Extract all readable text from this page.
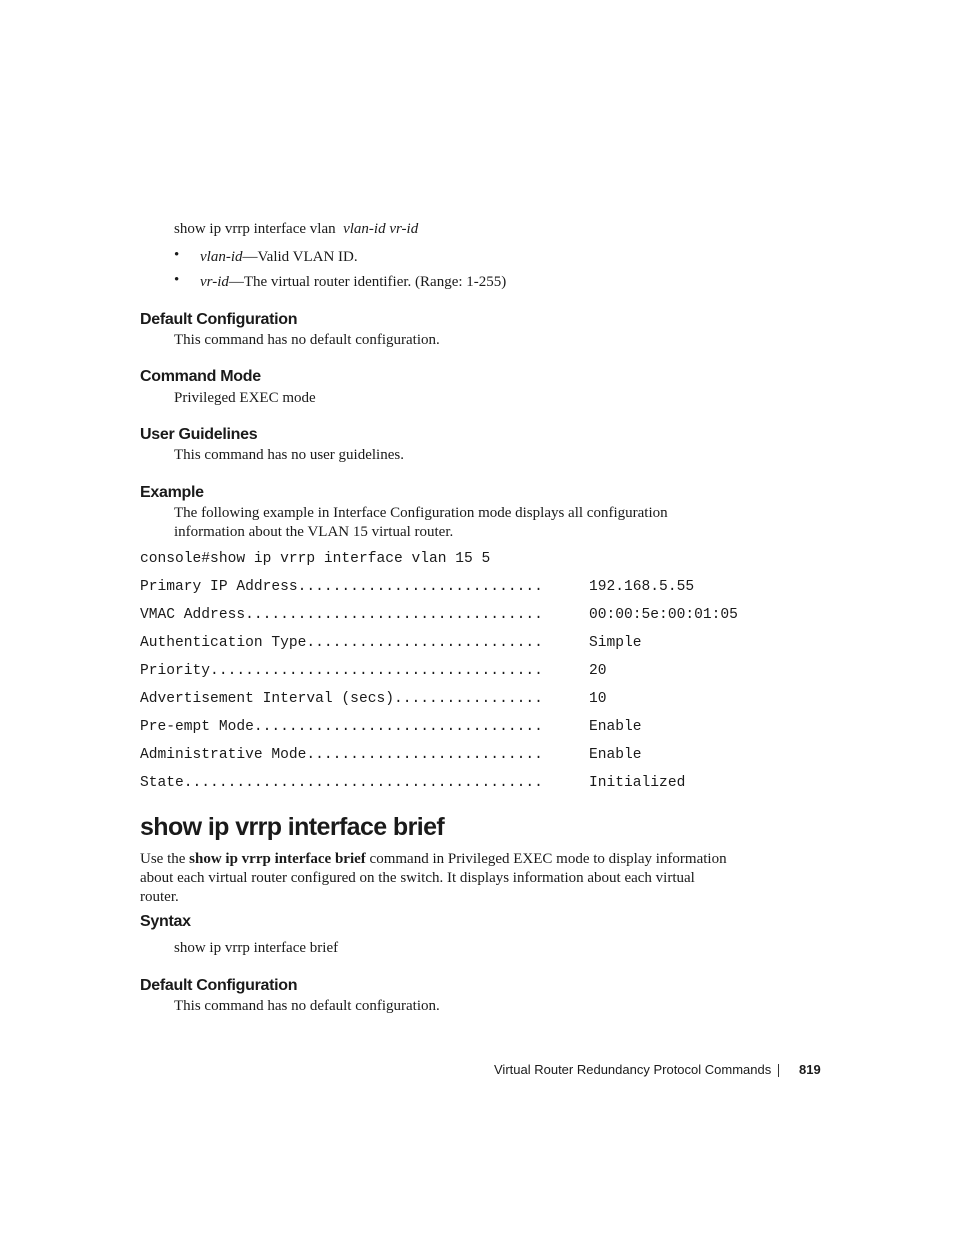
show ip vrrp interface vlan vlan-id vr-id
• vlan-id—Valid VLAN ID.
• vr-id—The virtual router identifier. (Range: 1-255)
Default Configuration
This command has no default configuration.
Command Mode
Privileged EXEC mode
User Guidelines
This command has no user guidelines.
Example
The following example in Interface Configuration mode displays all configuration
information about the VLAN 15 virtual router.
console#show ip vrrp interface vlan 15 5
Primary IP Address............................	192.168.5.55
VMAC Address..................................	00:00:5e:00:01:05
Authentication Type...........................	Simple
Priority......................................	20
Advertisement Interval (secs).................	10
Pre-empt Mode.................................	Enable
Administrative Mode...........................	Enable
State.........................................	Initialized
show ip vrrp interface brief
Use the show ip vrrp interface brief command in Privileged EXEC mode to display information
about each virtual router configured on the switch. It displays information about each virtual
router.
Syntax
show ip vrrp interface brief
Default Configuration
This command has no default configuration.
Virtual Router Redundancy Protocol Commands 819
